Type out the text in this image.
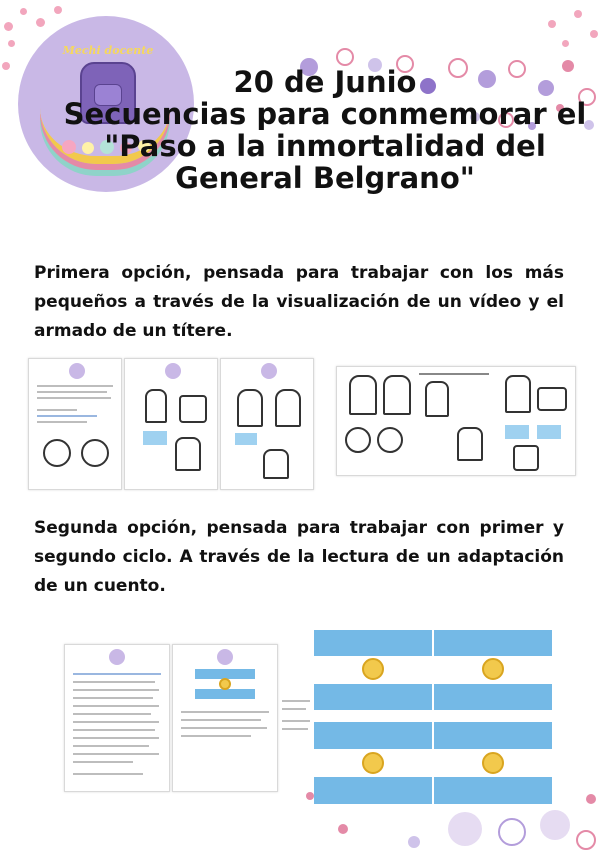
Mechi docente
20 de Junio
Secuencias para conmemorar el
"Paso a la inmortalidad del
General Belgrano"
Primera opción, pensada para trabajar con los más pequeños a través de la visualización de un vídeo y el armado de un títere.
Segunda opción, pensada para trabajar con primer y segundo ciclo. A través de la lectura de un adaptación de un cuento.
